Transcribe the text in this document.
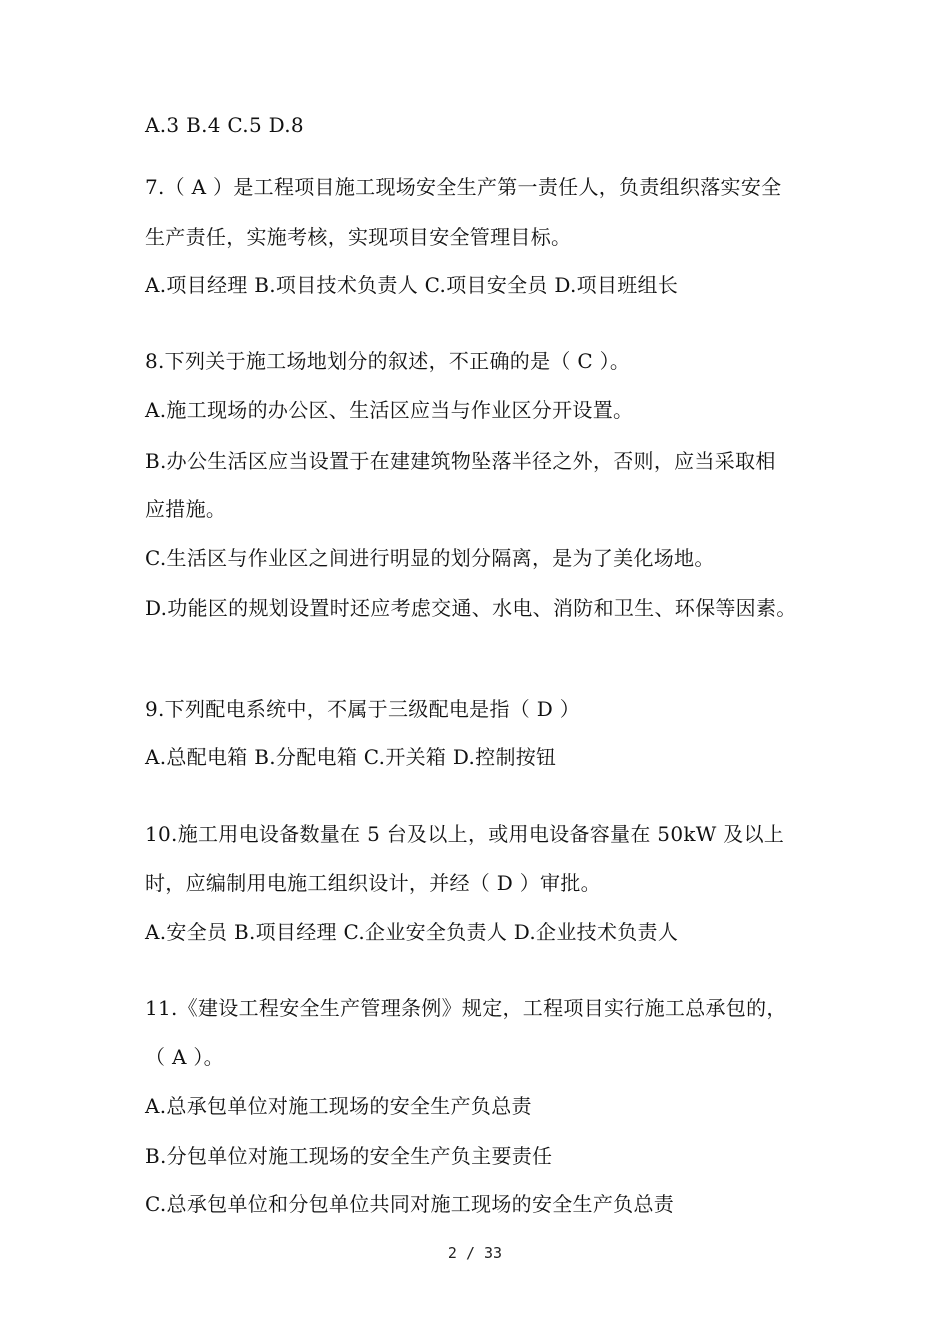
A.3 B.4 C.5 D.8
7.（ A ）是工程项目施工现场安全生产第一责任人，负责组织落实安全
生产责任，实施考核，实现项目安全管理目标。
A.项目经理 B.项目技术负责人 C.项目安全员 D.项目班组长
8.下列关于施工场地划分的叙述，不正确的是（ C ）。
A.施工现场的办公区、生活区应当与作业区分开设置。
B.办公生活区应当设置于在建建筑物坠落半径之外，否则，应当采取相
应措施。
C.生活区与作业区之间进行明显的划分隔离，是为了美化场地。
D.功能区的规划设置时还应考虑交通、水电、消防和卫生、环保等因素。
9.下列配电系统中，不属于三级配电是指（ D ）
A.总配电箱 B.分配电箱 C.开关箱 D.控制按钮
10.施工用电设备数量在 5 台及以上，或用电设备容量在 50kW 及以上
时，应编制用电施工组织设计，并经（ D ）审批。
A.安全员 B.项目经理 C.企业安全负责人 D.企业技术负责人
11.《建设工程安全生产管理条例》规定，工程项目实行施工总承包的，
（ A ）。
A.总承包单位对施工现场的安全生产负总责
B.分包单位对施工现场的安全生产负主要责任
C.总承包单位和分包单位共同对施工现场的安全生产负总责
2 / 33
